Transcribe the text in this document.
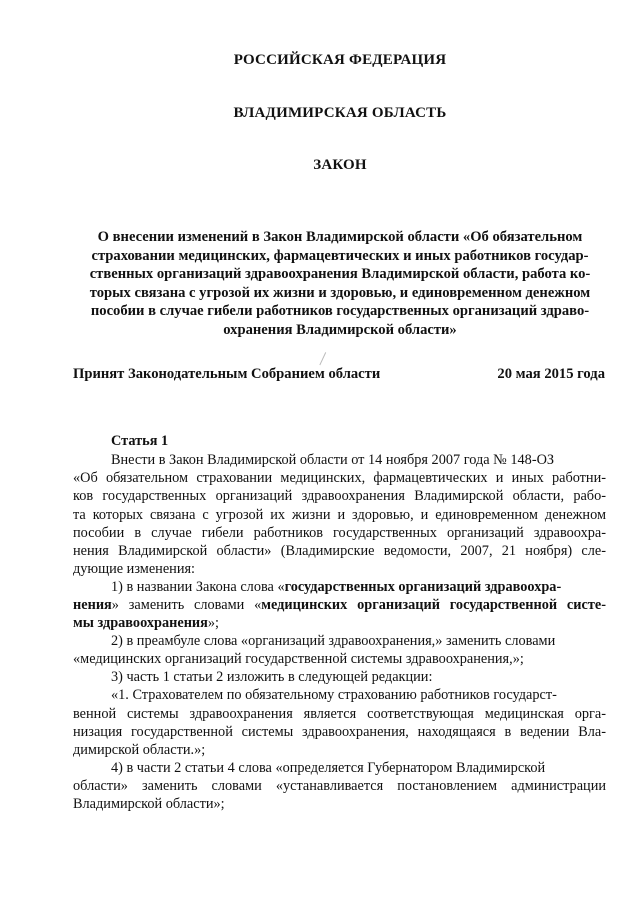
РОССИЙСКАЯ ФЕДЕРАЦИЯ
ВЛАДИМИРСКАЯ ОБЛАСТЬ
ЗАКОН
О внесении изменений в Закон Владимирской области «Об обязательном
страховании медицинских, фармацевтических и иных работников государ-
ственных организаций здравоохранения Владимирской области, работа ко-
торых связана с угрозой их жизни и здоровью, и единовременном денежном
пособии в случае гибели работников государственных организаций здраво-
охранения Владимирской области»
Принят Законодательным Собранием области	20 мая 2015 года
Статья 1
Внести в Закон Владимирской области от 14 ноября 2007 года № 148-ОЗ
«Об обязательном страховании медицинских, фармацевтических и иных работни-
ков государственных организаций здравоохранения Владимирской области, рабо-
та которых связана с угрозой их жизни и здоровью, и единовременном денежном
пособии в случае гибели работников государственных организаций здравоохра-
нения Владимирской области» (Владимирские ведомости, 2007, 21 ноября) сле-
дующие изменения:
1) в названии Закона слова «государственных организаций здравоохра-
нения» заменить словами «медицинских организаций государственной систе-
мы здравоохранения»;
2) в преамбуле слова «организаций здравоохранения,» заменить словами
«медицинских организаций государственной системы здравоохранения,»;
3) часть 1 статьи 2 изложить в следующей редакции:
«1. Страхователем по обязательному страхованию работников государст-
венной системы здравоохранения является соответствующая медицинская орга-
низация государственной системы здравоохранения, находящаяся в ведении Вла-
димирской области.»;
4) в части 2 статьи 4 слова «определяется Губернатором Владимирской
области» заменить словами «устанавливается постановлением администрации
Владимирской области»;
